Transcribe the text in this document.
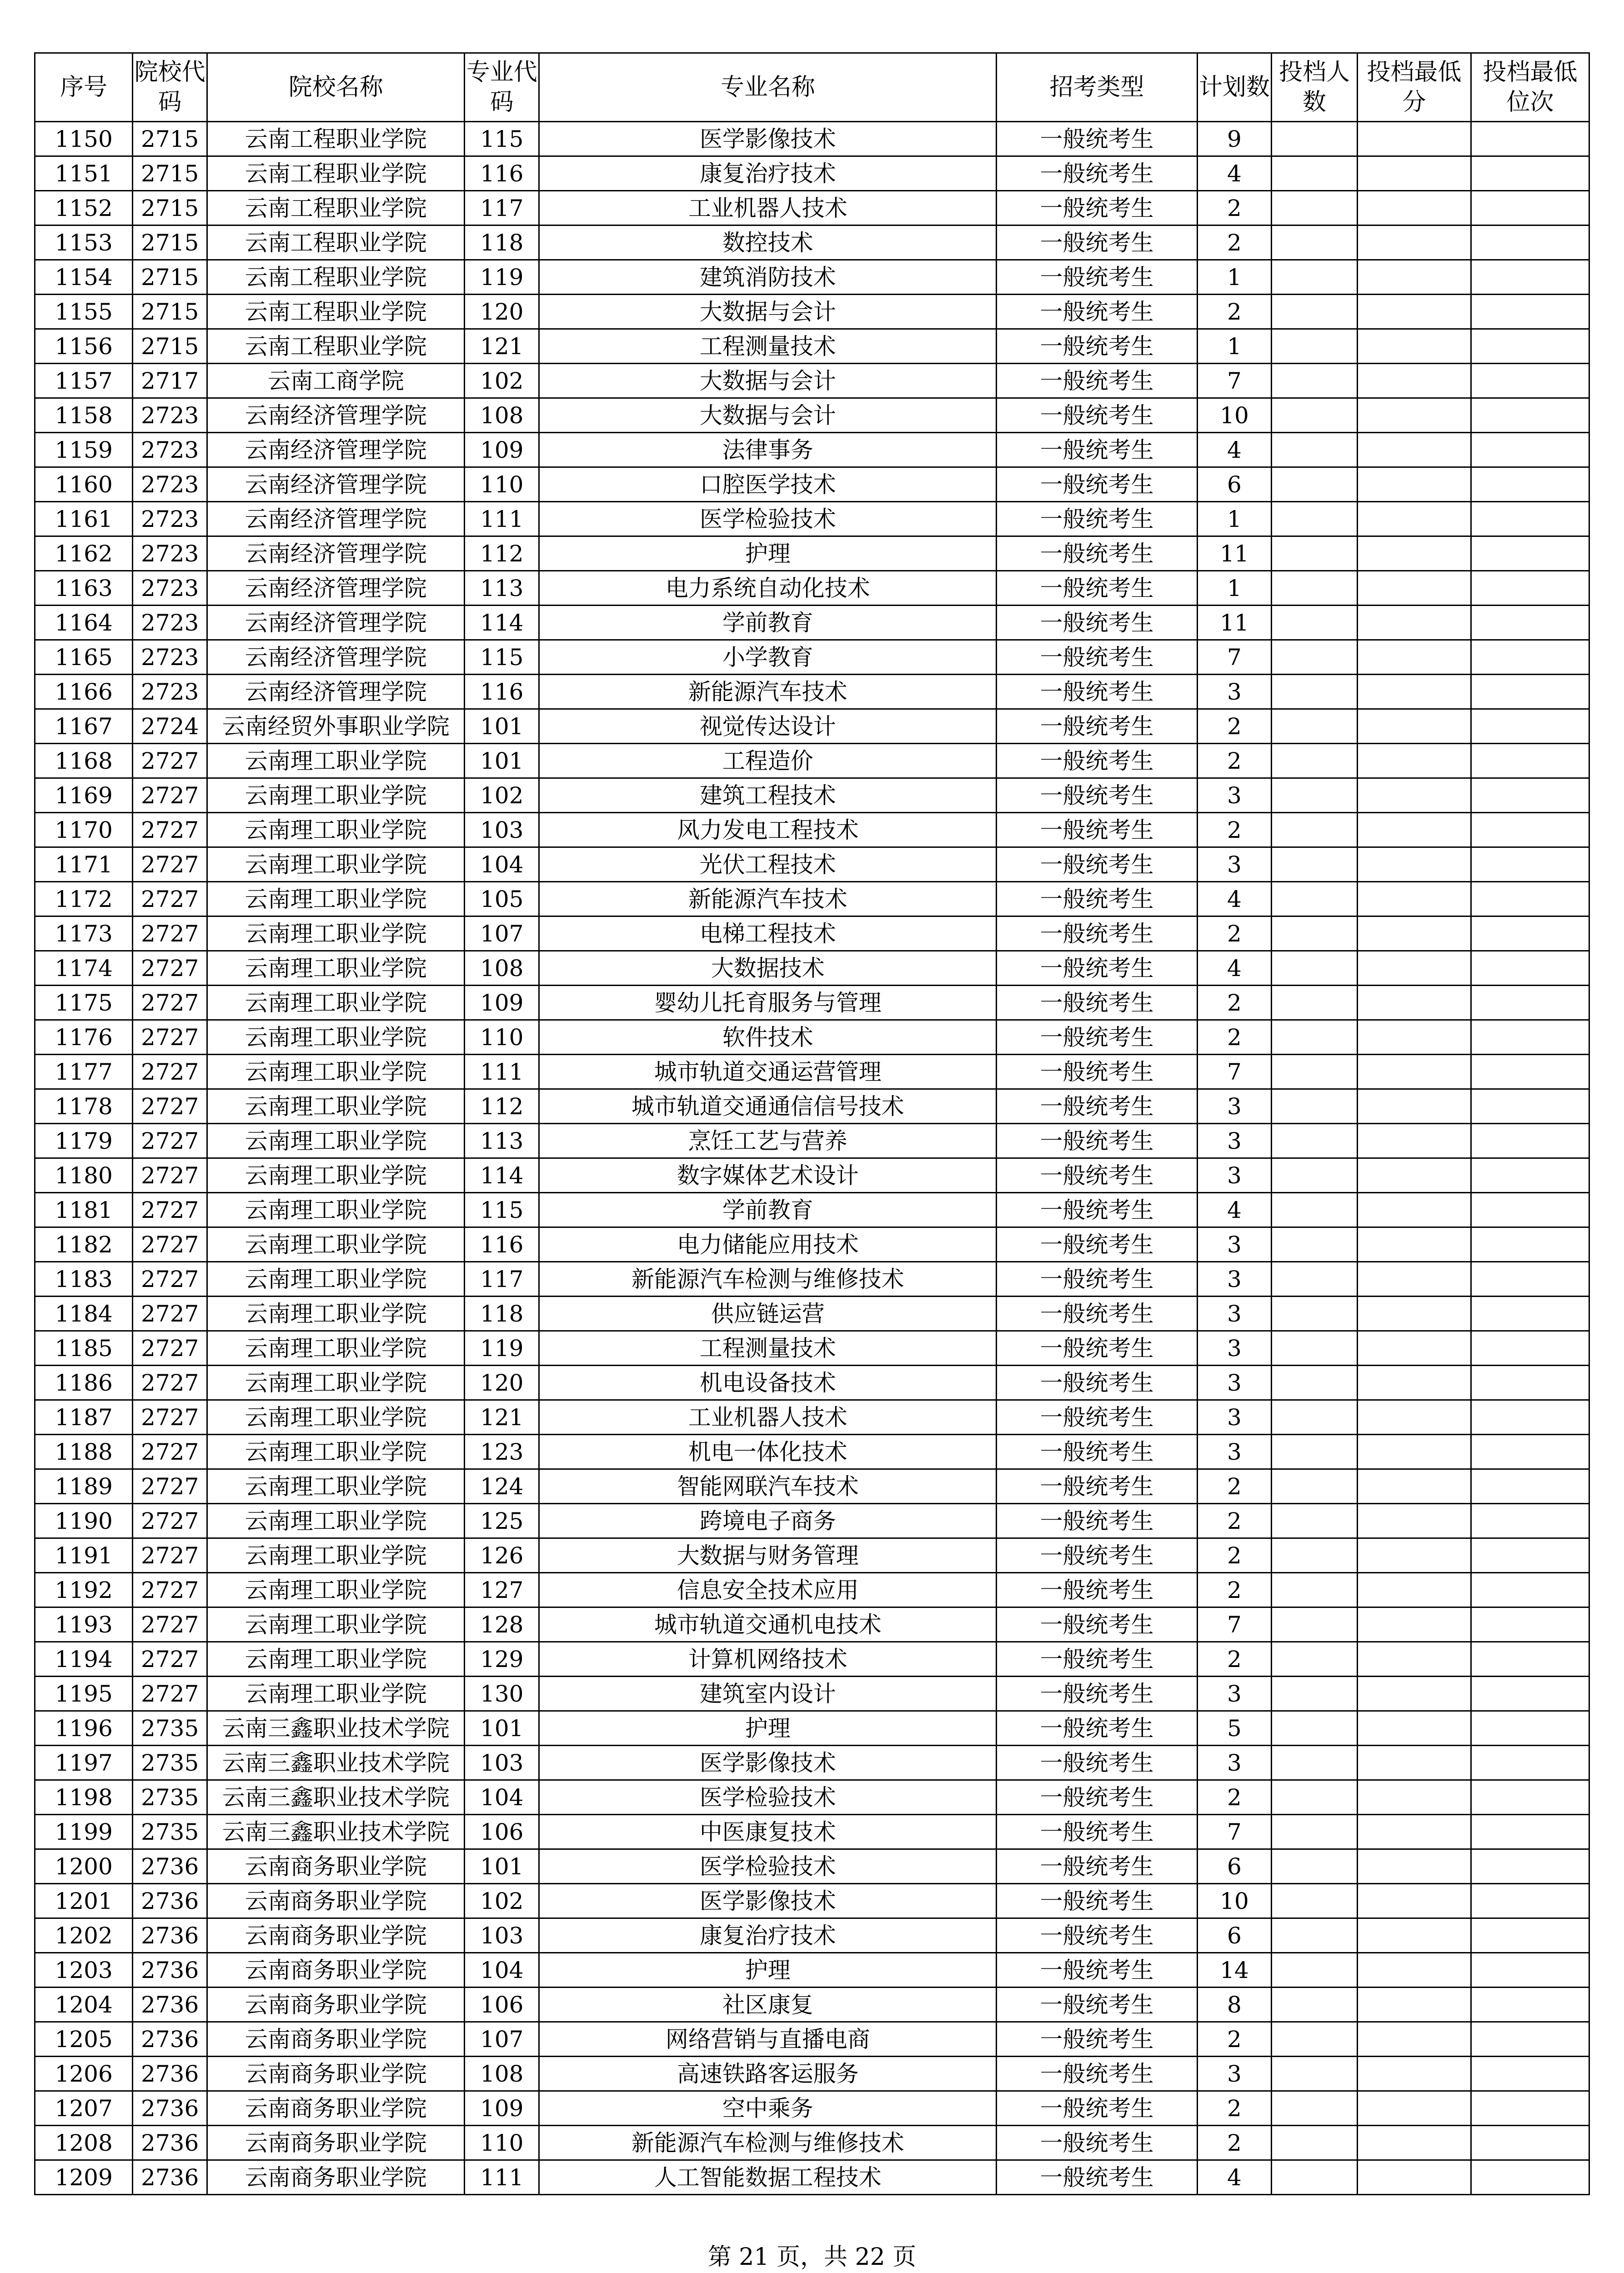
序号	院校代码	院校名称	专业代码	专业名称	招考类型	计划数	投档人数	投档最低分	投档最低位次
1150	2715	云南工程职业学院	115	医学影像技术	一般统考生	9			
1151	2715	云南工程职业学院	116	康复治疗技术	一般统考生	4			
1152	2715	云南工程职业学院	117	工业机器人技术	一般统考生	2			
1153	2715	云南工程职业学院	118	数控技术	一般统考生	2			
1154	2715	云南工程职业学院	119	建筑消防技术	一般统考生	1			
1155	2715	云南工程职业学院	120	大数据与会计	一般统考生	2			
1156	2715	云南工程职业学院	121	工程测量技术	一般统考生	1			
1157	2717	云南工商学院	102	大数据与会计	一般统考生	7			
1158	2723	云南经济管理学院	108	大数据与会计	一般统考生	10			
1159	2723	云南经济管理学院	109	法律事务	一般统考生	4			
1160	2723	云南经济管理学院	110	口腔医学技术	一般统考生	6			
1161	2723	云南经济管理学院	111	医学检验技术	一般统考生	1			
1162	2723	云南经济管理学院	112	护理	一般统考生	11			
1163	2723	云南经济管理学院	113	电力系统自动化技术	一般统考生	1			
1164	2723	云南经济管理学院	114	学前教育	一般统考生	11			
1165	2723	云南经济管理学院	115	小学教育	一般统考生	7			
1166	2723	云南经济管理学院	116	新能源汽车技术	一般统考生	3			
1167	2724	云南经贸外事职业学院	101	视觉传达设计	一般统考生	2			
1168	2727	云南理工职业学院	101	工程造价	一般统考生	2			
1169	2727	云南理工职业学院	102	建筑工程技术	一般统考生	3			
1170	2727	云南理工职业学院	103	风力发电工程技术	一般统考生	2			
1171	2727	云南理工职业学院	104	光伏工程技术	一般统考生	3			
1172	2727	云南理工职业学院	105	新能源汽车技术	一般统考生	4			
1173	2727	云南理工职业学院	107	电梯工程技术	一般统考生	2			
1174	2727	云南理工职业学院	108	大数据技术	一般统考生	4			
1175	2727	云南理工职业学院	109	婴幼儿托育服务与管理	一般统考生	2			
1176	2727	云南理工职业学院	110	软件技术	一般统考生	2			
1177	2727	云南理工职业学院	111	城市轨道交通运营管理	一般统考生	7			
1178	2727	云南理工职业学院	112	城市轨道交通通信信号技术	一般统考生	3			
1179	2727	云南理工职业学院	113	烹饪工艺与营养	一般统考生	3			
1180	2727	云南理工职业学院	114	数字媒体艺术设计	一般统考生	3			
1181	2727	云南理工职业学院	115	学前教育	一般统考生	4			
1182	2727	云南理工职业学院	116	电力储能应用技术	一般统考生	3			
1183	2727	云南理工职业学院	117	新能源汽车检测与维修技术	一般统考生	3			
1184	2727	云南理工职业学院	118	供应链运营	一般统考生	3			
1185	2727	云南理工职业学院	119	工程测量技术	一般统考生	3			
1186	2727	云南理工职业学院	120	机电设备技术	一般统考生	3			
1187	2727	云南理工职业学院	121	工业机器人技术	一般统考生	3			
1188	2727	云南理工职业学院	123	机电一体化技术	一般统考生	3			
1189	2727	云南理工职业学院	124	智能网联汽车技术	一般统考生	2			
1190	2727	云南理工职业学院	125	跨境电子商务	一般统考生	2			
1191	2727	云南理工职业学院	126	大数据与财务管理	一般统考生	2			
1192	2727	云南理工职业学院	127	信息安全技术应用	一般统考生	2			
1193	2727	云南理工职业学院	128	城市轨道交通机电技术	一般统考生	7			
1194	2727	云南理工职业学院	129	计算机网络技术	一般统考生	2			
1195	2727	云南理工职业学院	130	建筑室内设计	一般统考生	3			
1196	2735	云南三鑫职业技术学院	101	护理	一般统考生	5			
1197	2735	云南三鑫职业技术学院	103	医学影像技术	一般统考生	3			
1198	2735	云南三鑫职业技术学院	104	医学检验技术	一般统考生	2			
1199	2735	云南三鑫职业技术学院	106	中医康复技术	一般统考生	7			
1200	2736	云南商务职业学院	101	医学检验技术	一般统考生	6			
1201	2736	云南商务职业学院	102	医学影像技术	一般统考生	10			
1202	2736	云南商务职业学院	103	康复治疗技术	一般统考生	6			
1203	2736	云南商务职业学院	104	护理	一般统考生	14			
1204	2736	云南商务职业学院	106	社区康复	一般统考生	8			
1205	2736	云南商务职业学院	107	网络营销与直播电商	一般统考生	2			
1206	2736	云南商务职业学院	108	高速铁路客运服务	一般统考生	3			
1207	2736	云南商务职业学院	109	空中乘务	一般统考生	2			
1208	2736	云南商务职业学院	110	新能源汽车检测与维修技术	一般统考生	2			
1209	2736	云南商务职业学院	111	人工智能数据工程技术	一般统考生	4			
第 21 页，共 22 页
